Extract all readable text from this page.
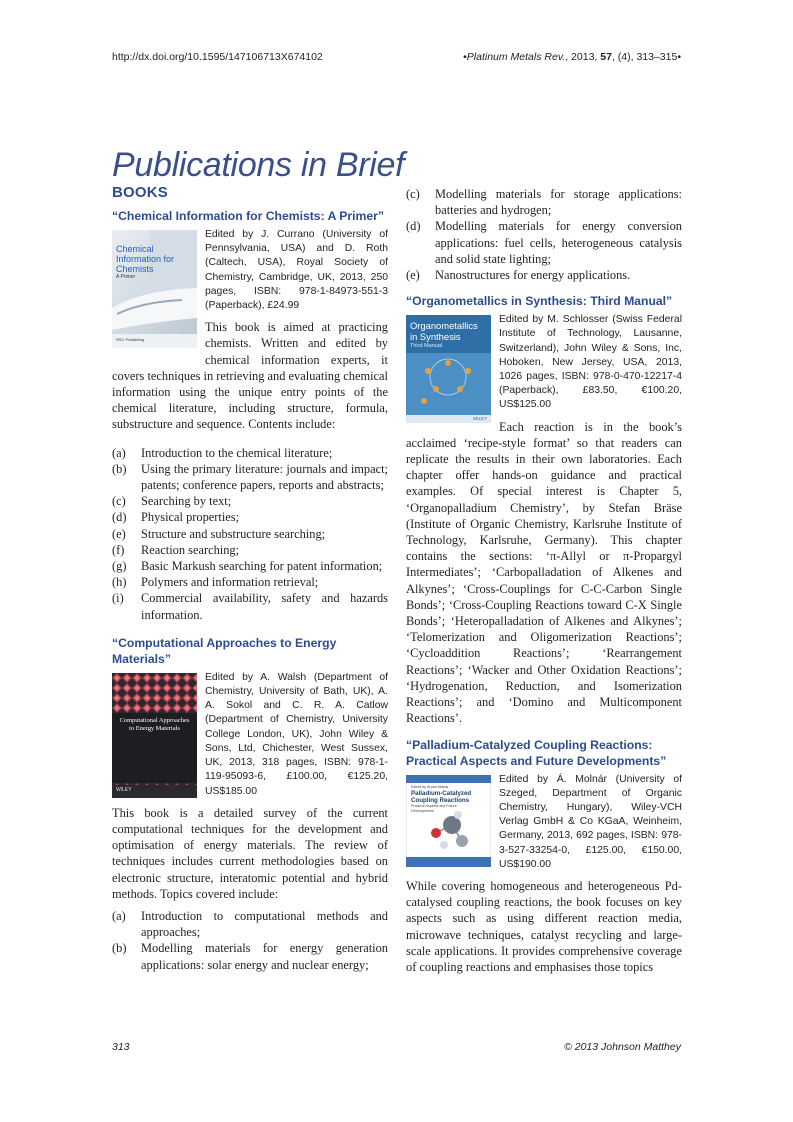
http://dx.doi.org/10.1595/147106713X674102	•Platinum Metals Rev., 2013, 57, (4), 313–315•
Publications in Brief
BOOKS
“Chemical Information for Chemists: A Primer”
Chemical
Information for
Chemists
A Primer
RSC Publishing
Edited by J. Currano (University of Pennsylvania, USA) and D. Roth (Caltech, USA), Royal Society of Chemistry, Cambridge, UK, 2013, 250 pages, ISBN: 978-1-84973-551-3 (Paperback), £24.99
This book is aimed at practicing chemists. Written and edited by chemical information experts, it covers techniques in retrieving and evaluating chemical information using the unique entry points of the chemical literature, including structure, formula, substructure and sequence. Contents include:
(a) Introduction to the chemical literature;
(b) Using the primary literature: journals and impact; patents; conference papers, reports and abstracts;
(c) Searching by text;
(d) Physical properties;
(e) Structure and substructure searching;
(f) Reaction searching;
(g) Basic Markush searching for patent information;
(h) Polymers and information retrieval;
(i) Commercial availability, safety and hazards information.
“Computational Approaches to Energy Materials”
Computational Approaches
to Energy Materials
WILEY
Edited by A. Walsh (Department of Chemistry, University of Bath, UK), A. A. Sokol and C. R. A. Catlow (Department of Chemistry, University College London, UK), John Wiley & Sons, Ltd, Chichester, West Sussex, UK, 2013, 318 pages, ISBN: 978-1-119-95093-6, £100.00, €125.20, US$185.00
This book is a detailed survey of the current computational techniques for the development and optimisation of energy materials. The review of techniques includes current methodologies based on electronic structure, interatomic potential and hybrid methods. Topics covered include:
(a) Introduction to computational methods and approaches;
(b) Modelling materials for energy generation applications: solar energy and nuclear energy;
(c) Modelling materials for storage applications: batteries and hydrogen;
(d) Modelling materials for energy conversion applications: fuel cells, heterogeneous catalysis and solid state lighting;
(e) Nanostructures for energy applications.
“Organometallics in Synthesis: Third Manual”
Organometallics
in Synthesis
Third Manual
WILEY
Edited by M. Schlosser (Swiss Federal Institute of Technology, Lausanne, Switzerland), John Wiley & Sons, Inc, Hoboken, New Jersey, USA, 2013, 1026 pages, ISBN: 978-0-470-12217-4 (Paperback), £83.50, €100.20, US$125.00
Each reaction is in the book’s acclaimed ‘recipe-style format’ so that readers can replicate the results in their own laboratories. Each chapter offer hands-on guidance and practical examples. Of special interest is Chapter 5, ‘Organopalladium Chemistry’, by Stefan Bräse (Institute of Organic Chemistry, Karlsruhe Institute of Technology, Karlsruhe, Germany). This chapter contains the sections: ‘π-Allyl or π-Propargyl Intermediates’; ‘Carbopalladation of Alkenes and Alkynes’; ‘Cross-Couplings for C-C-Carbon Single Bonds’; ‘Cross-Coupling Reactions toward C-X Single Bonds’; ‘Heteropalladation of Alkenes and Alkynes’; ‘Telomerization and Oligomerization Reactions’; ‘Cycloaddition Reactions’; ‘Rearrangement Reactions’; ‘Wacker and Other Oxidation Reactions’; ‘Hydrogenation, Reduction, and Isomerization Reactions’; and ‘Domino and Multicomponent Reactions’.
“Palladium-Catalyzed Coupling Reactions: Practical Aspects and Future Developments”
Edited by Árpád Molnár
Palladium-Catalyzed
Coupling Reactions
Practical Aspects and Future Developments
Edited by Á. Molnár (University of Szeged, Department of Organic Chemistry, Hungary), Wiley-VCH Verlag GmbH & Co KGaA, Weinheim, Germany, 2013, 692 pages, ISBN: 978-3-527-33254-0, £125.00, €150.00, US$190.00
While covering homogeneous and heterogeneous Pd-catalysed coupling reactions, the book focuses on key aspects such as using different reaction media, microwave techniques, catalyst recycling and large-scale applications. It provides comprehensive coverage of coupling reactions and emphasises those topics
313	© 2013 Johnson Matthey
